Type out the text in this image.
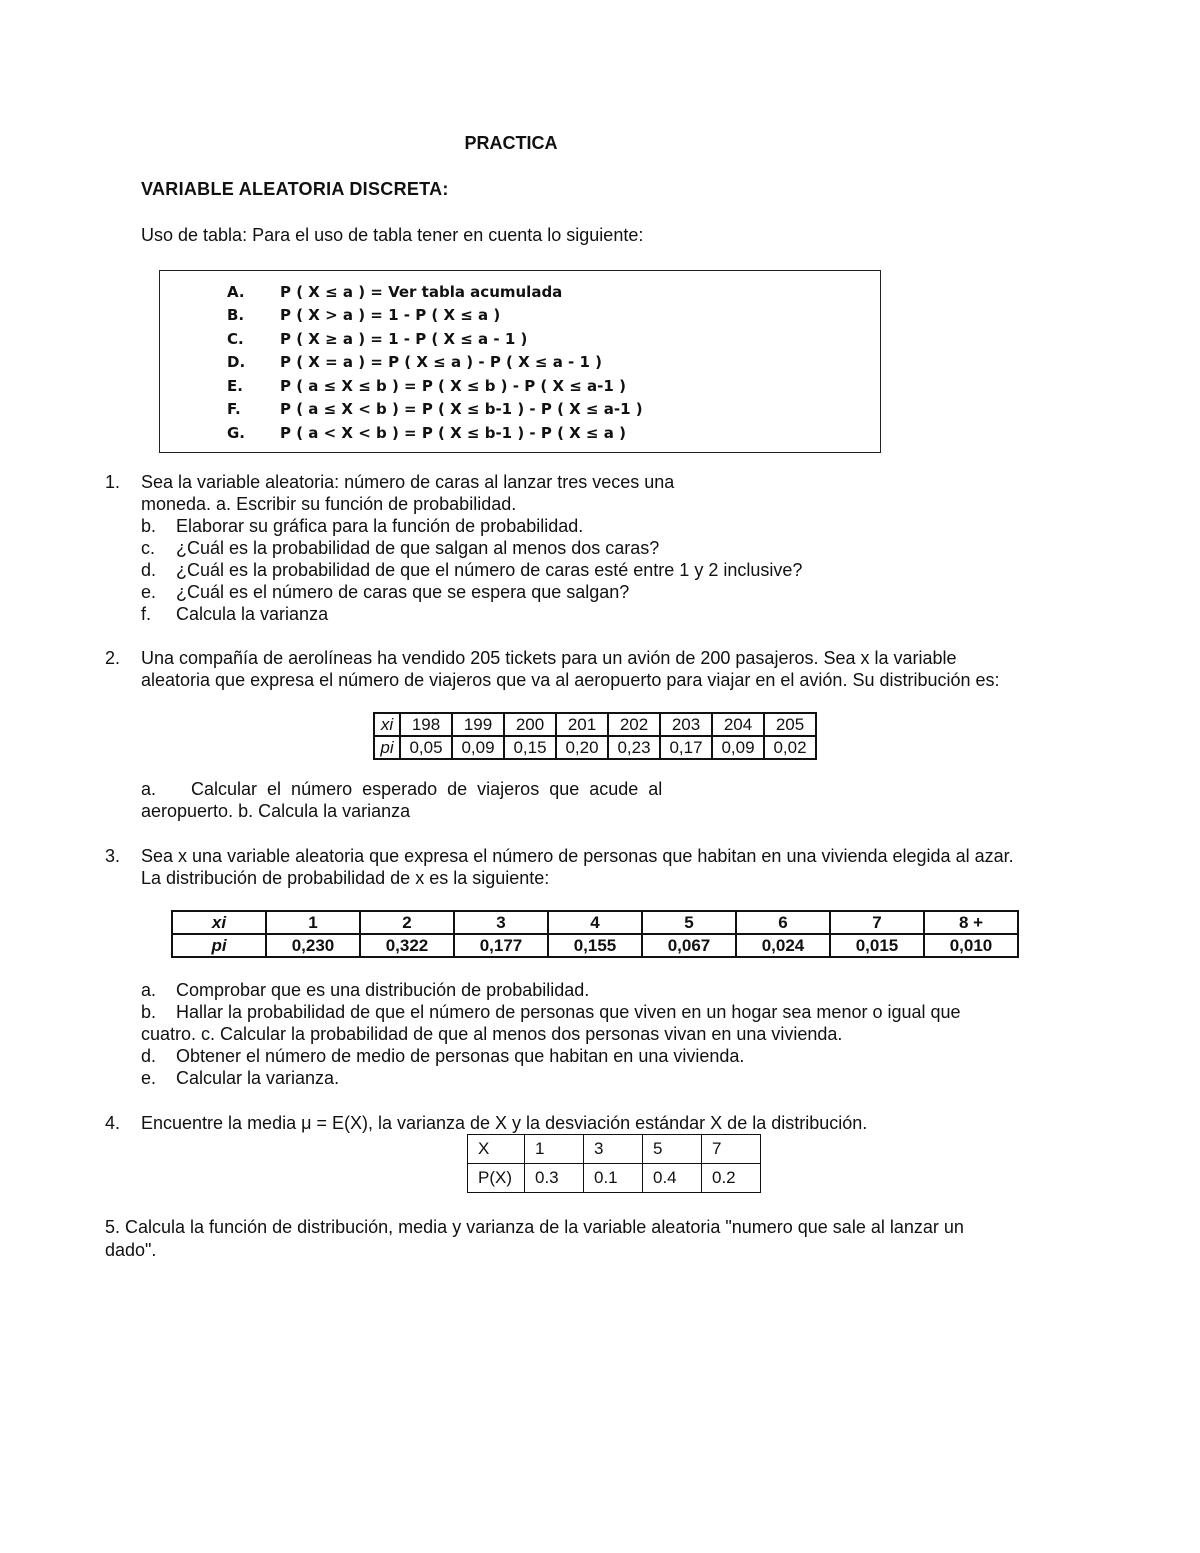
PRACTICA
VARIABLE ALEATORIA DISCRETA:
Uso de tabla: Para el uso de tabla tener en cuenta lo siguiente:
A. P ( X ≤ a ) = Ver tabla acumulada
B. P ( X > a ) = 1 - P ( X ≤ a )
C. P ( X ≥ a ) = 1 - P ( X ≤ a - 1 )
D. P ( X = a ) = P ( X ≤ a ) - P ( X ≤ a - 1 )
E. P ( a ≤ X ≤ b ) = P ( X ≤ b ) - P ( X ≤ a-1 )
F.	P ( a ≤ X < b ) = P ( X ≤ b-1 ) - P ( X ≤ a-1 )
G. P ( a < X < b ) = P ( X ≤ b-1 ) - P ( X ≤ a )
1. Sea la variable aleatoria: número de caras al lanzar tres veces una
moneda. a. Escribir su función de probabilidad.
b. Elaborar su gráfica para la función de probabilidad.
c. ¿Cuál es la probabilidad de que salgan al menos dos caras?
d. ¿Cuál es la probabilidad de que el número de caras esté entre 1 y 2 inclusive?
e. ¿Cuál es el número de caras que se espera que salgan?
f. Calcula la varianza
2. Una compañía de aerolíneas ha vendido 205 tickets para un avión de 200 pasajeros. Sea x la variable
aleatoria que expresa el número de viajeros que va al aeropuerto para viajar en el avión. Su distribución es:
xi	198	199	200	201	202	203	204	205
pi	0,05	0,09	0,15	0,20	0,23	0,17	0,09	0,02
a.       Calcular  el  número  esperado  de  viajeros  que  acude  al
aeropuerto. b. Calcula la varianza
3. Sea x una variable aleatoria que expresa el número de personas que habitan en una vivienda elegida al azar.
La distribución de probabilidad de x es la siguiente:
xi	1	2	3	4	5	6	7	8 +
pi	0,230	0,322	0,177	0,155	0,067	0,024	0,015	0,010
a. Comprobar que es una distribución de probabilidad.
b. Hallar la probabilidad de que el número de personas que viven en un hogar sea menor o igual que
cuatro. c. Calcular la probabilidad de que al menos dos personas vivan en una vivienda.
d. Obtener el número de medio de personas que habitan en una vivienda.
e. Calcular la varianza.
4. Encuentre la media μ = E(X), la varianza de X y la desviación estándar X de la distribución.
X	1	3	5	7
P(X)	0.3	0.1	0.4	0.2
5. Calcula la función de distribución, media y varianza de la variable aleatoria "numero que sale al lanzar un
dado".
